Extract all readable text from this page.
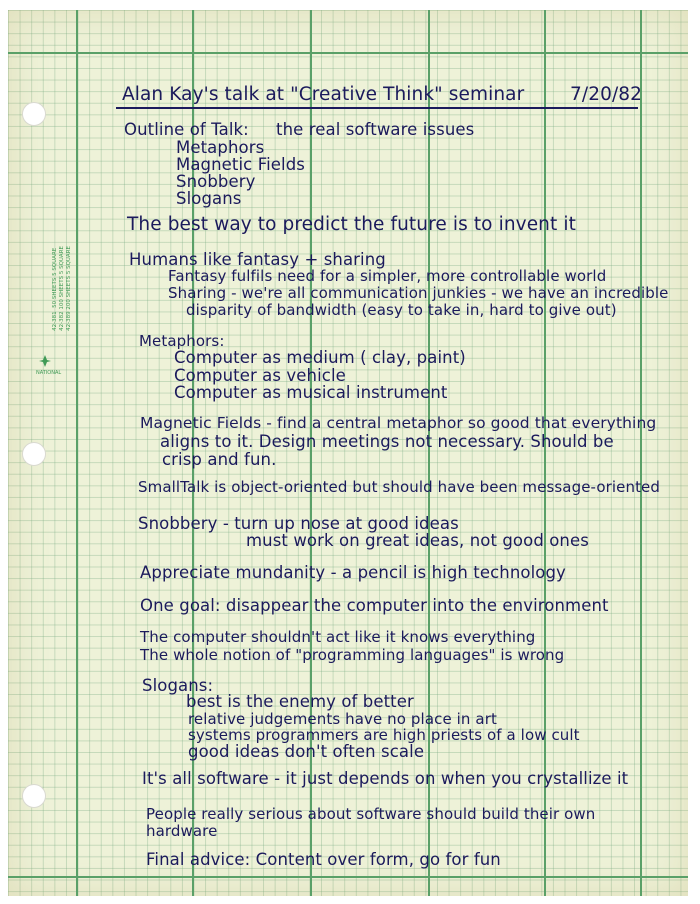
42-381  50 SHEETS 5 SQUARE
42-382 100 SHEETS 5 SQUARE
42-389 200 SHEETS 5 SQUARE
NATIONAL
Alan Kay's talk at "Creative Think" seminar 7/20/82
Outline of Talk: the real software issues
Metaphors
Magnetic Fields
Snobbery
Slogans
The best way to predict the future is to invent it
Humans like fantasy + sharing
Fantasy fulfils need for a simpler, more controllable world
Sharing - we're all communication junkies - we have an incredible
disparity of bandwidth (easy to take in, hard to give out)
Metaphors:
Computer as medium ( clay, paint)
Computer as vehicle
Computer as musical instrument
Magnetic Fields - find a central metaphor so good that everything
aligns to it. Design meetings not necessary. Should be
crisp and fun.
SmallTalk is object-oriented but should have been message-oriented
Snobbery - turn up nose at good ideas
must work on great ideas, not good ones
Appreciate mundanity - a pencil is high technology
One goal: disappear the computer into the environment
The computer shouldn't act like it knows everything
The whole notion of "programming languages" is wrong
Slogans:
best is the enemy of better
relative judgements have no place in art
systems programmers are high priests of a low cult
good ideas don't often scale
It's all software - it just depends on when you crystallize it
People really serious about software should build their own
hardware
Final advice: Content over form, go for fun
